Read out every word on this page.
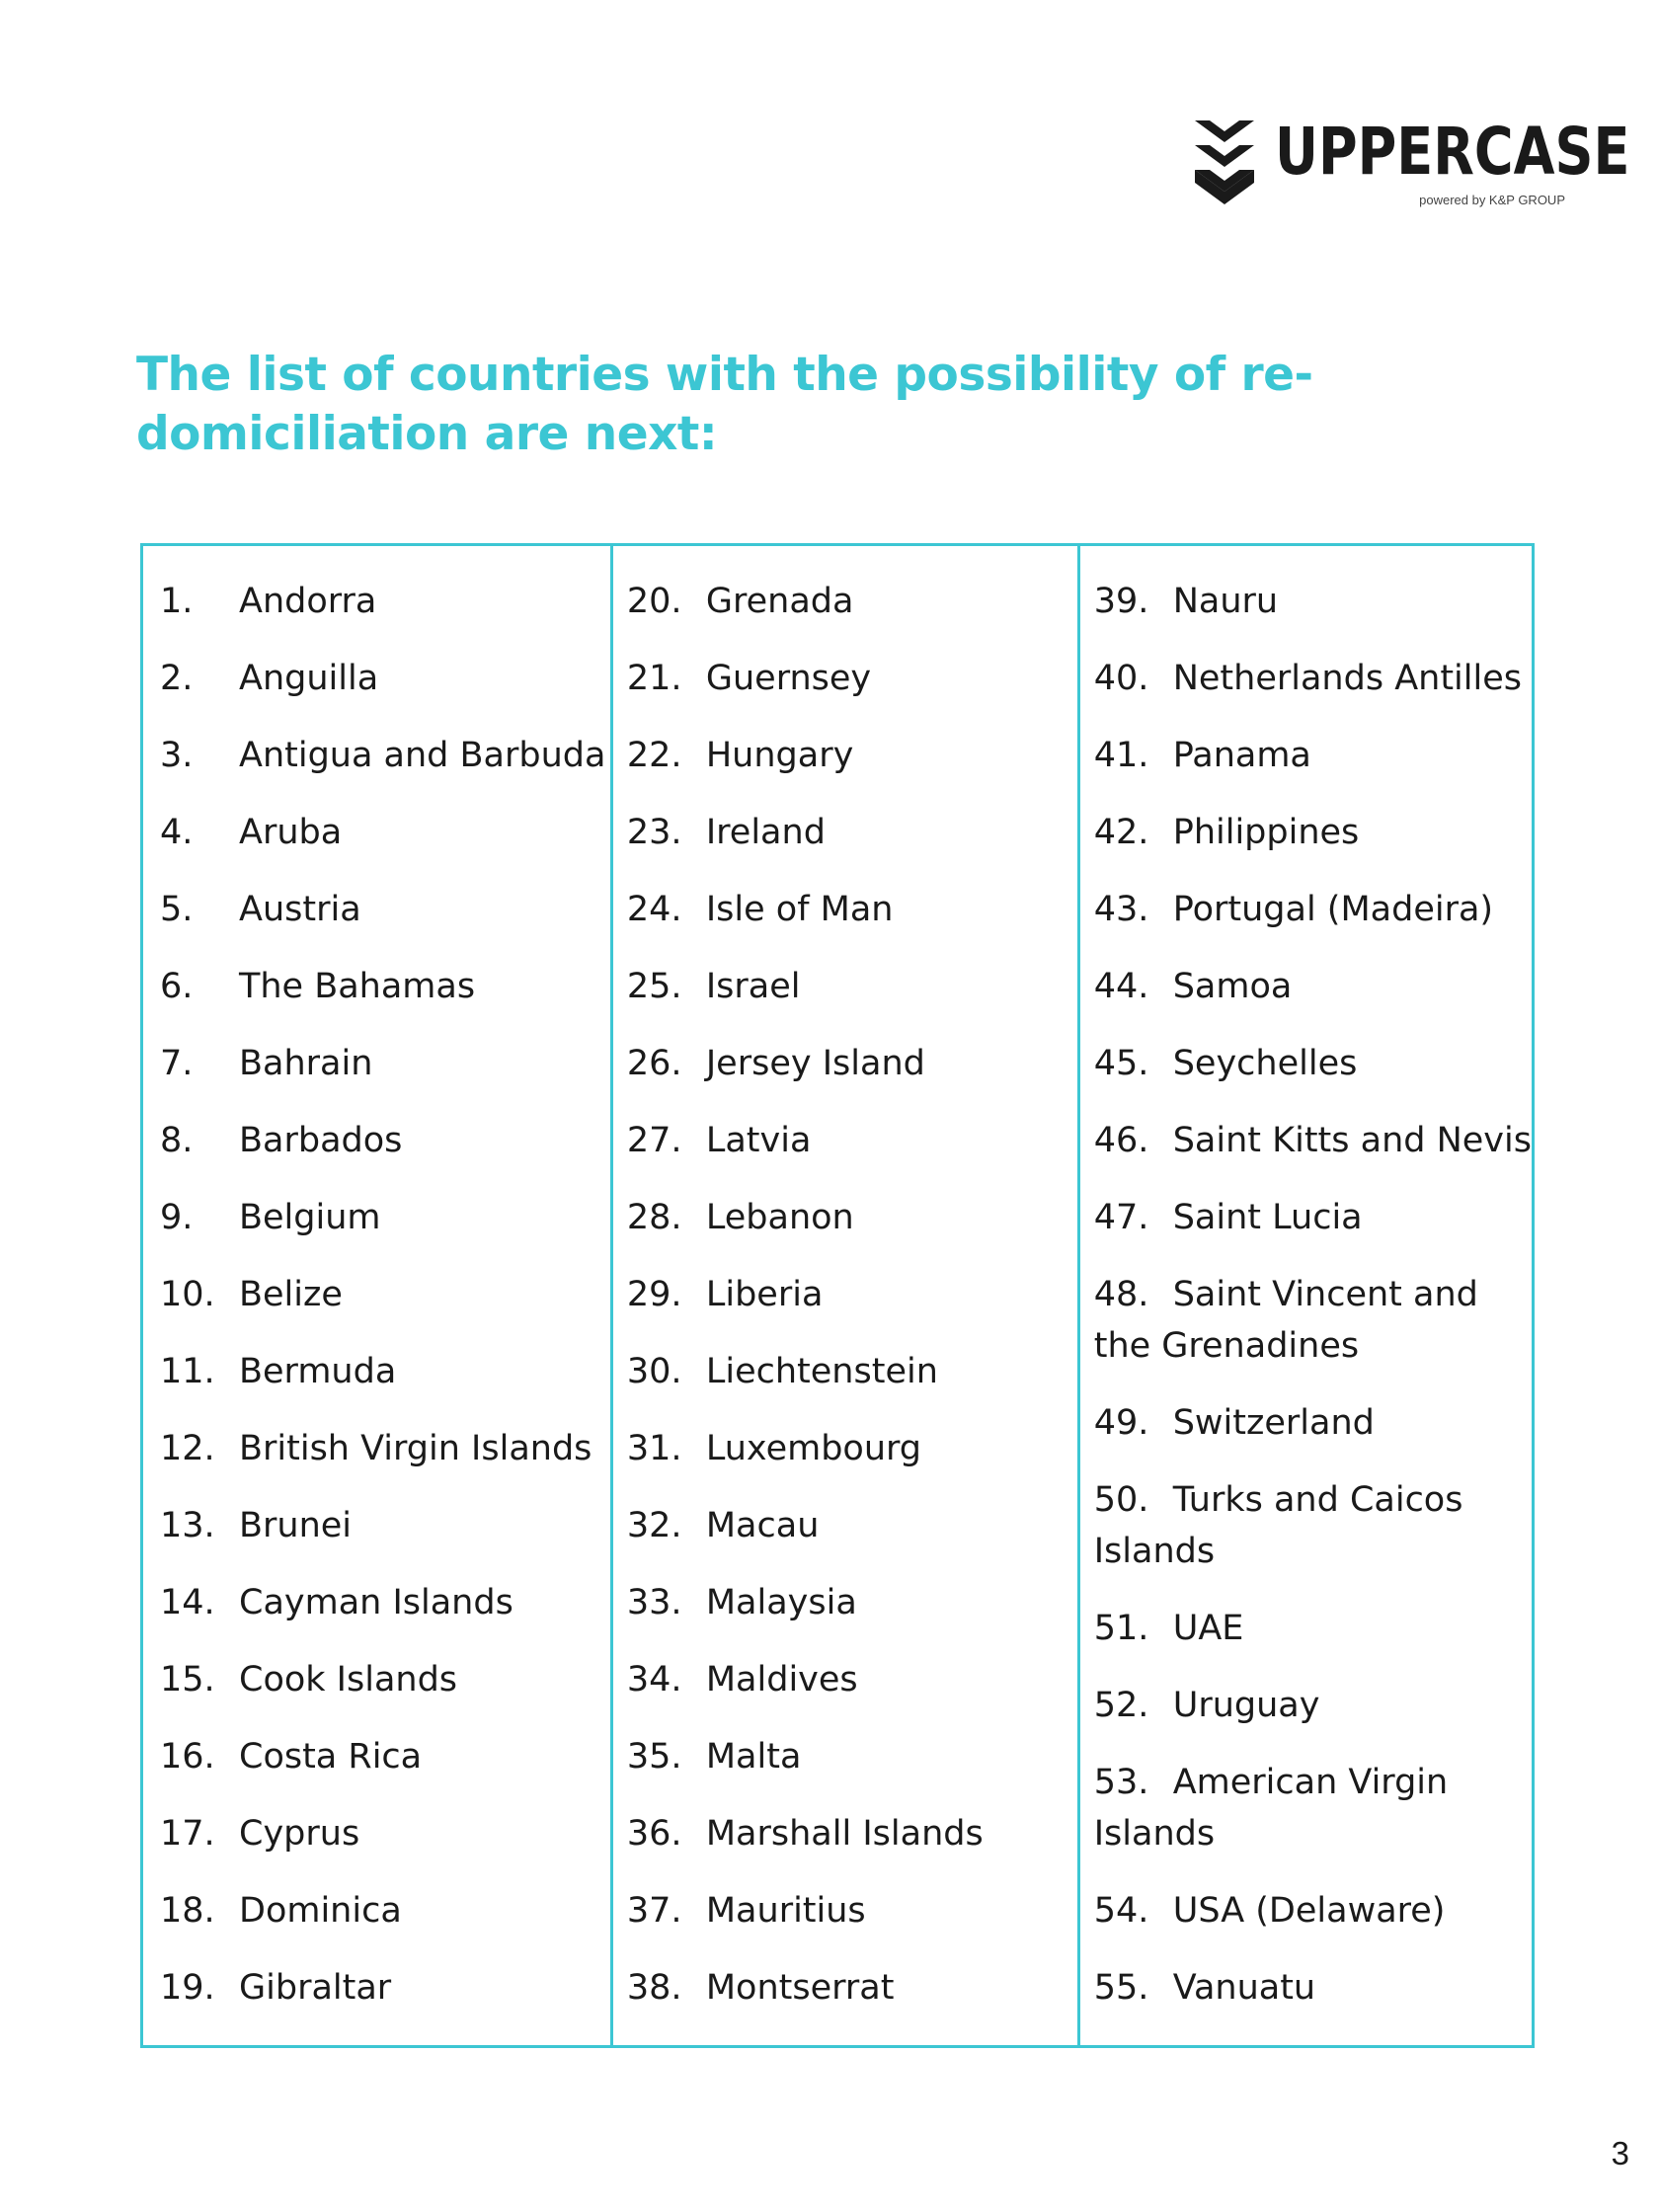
UPPERCASE
powered by K&P GROUP
The list of countries with the possibility of re-domiciliation are next:
1. Andorra
2. Anguilla
3. Antigua and Barbuda
4. Aruba
5. Austria
6. The Bahamas
7. Bahrain
8. Barbados
9. Belgium
10. Belize
11. Bermuda
12. British Virgin Islands
13. Brunei
14. Cayman Islands
15. Cook Islands
16. Costa Rica
17. Cyprus
18. Dominica
19. Gibraltar
20. Grenada
21. Guernsey
22. Hungary
23. Ireland
24. Isle of Man
25. Israel
26. Jersey Island
27. Latvia
28. Lebanon
29. Liberia
30. Liechtenstein
31. Luxembourg
32. Macau
33. Malaysia
34. Maldives
35. Malta
36. Marshall Islands
37. Mauritius
38. Montserrat
39. Nauru
40. Netherlands Antilles
41. Panama
42. Philippines
43. Portugal (Madeira)
44. Samoa
45. Seychelles
46. Saint Kitts and Nevis
47. Saint Lucia
48. Saint Vincent and the Grenadines
49. Switzerland
50. Turks and Caicos Islands
51. UAE
52. Uruguay
53. American Virgin Islands
54. USA (Delaware)
55. Vanuatu
3
